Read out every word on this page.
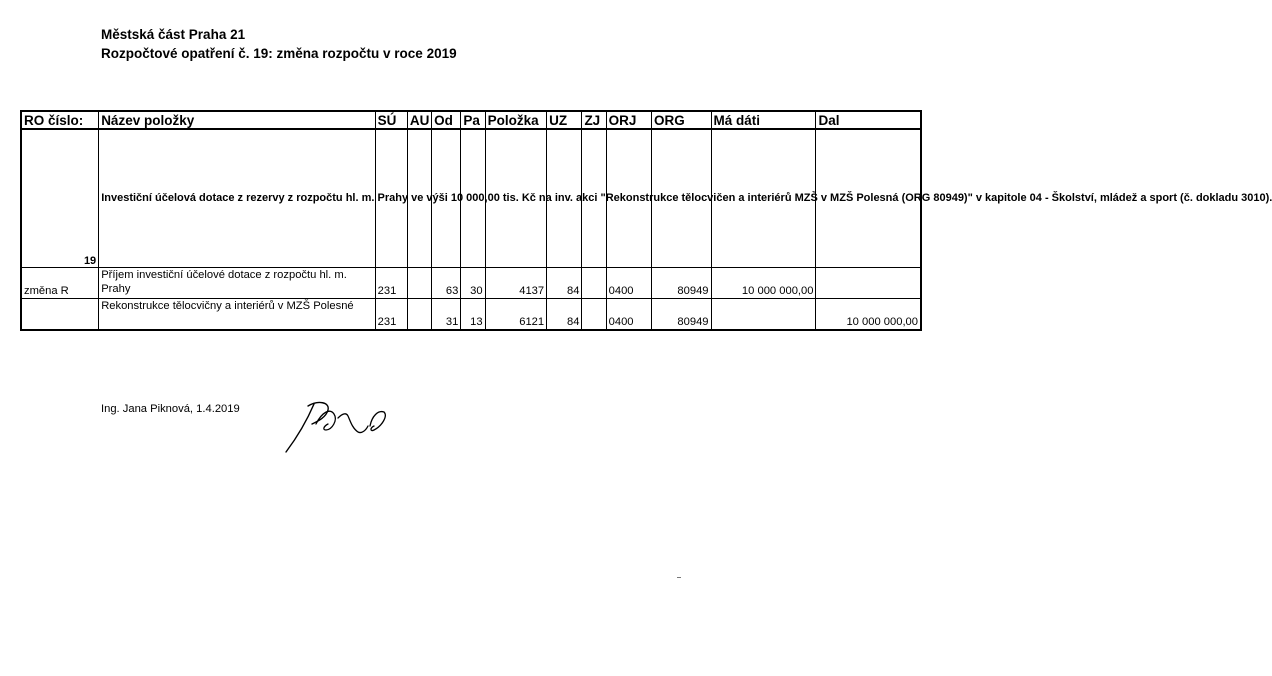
Městská část Praha 21
Rozpočtové opatření č. 19: změna rozpočtu v roce 2019
RO číslo:	Název položky	SÚ	AU	Od	Pa	Položka	UZ	ZJ	ORJ	ORG	Má dáti	Dal
19	Investiční účelová dotace z rezervy z rozpočtu hl. m. Prahy ve výši 10 000,00 tis. Kč na inv. akci "Rekonstrukce tělocvičen a interiérů MZŠ v MZŠ Polesná (ORG 80949)" v kapitole 04 - Školství, mládež a sport (č. dokladu 3010).											
změna R	Příjem investiční účelové dotace z rozpočtu hl. m. Prahy	231		63	30	4137	84		0400	80949	10 000 000,00	
	Rekonstrukce tělocvičny a interiérů v MZŠ Polesné	231		31	13	6121	84		0400	80949		10 000 000,00
Ing. Jana Piknová, 1.4.2019
